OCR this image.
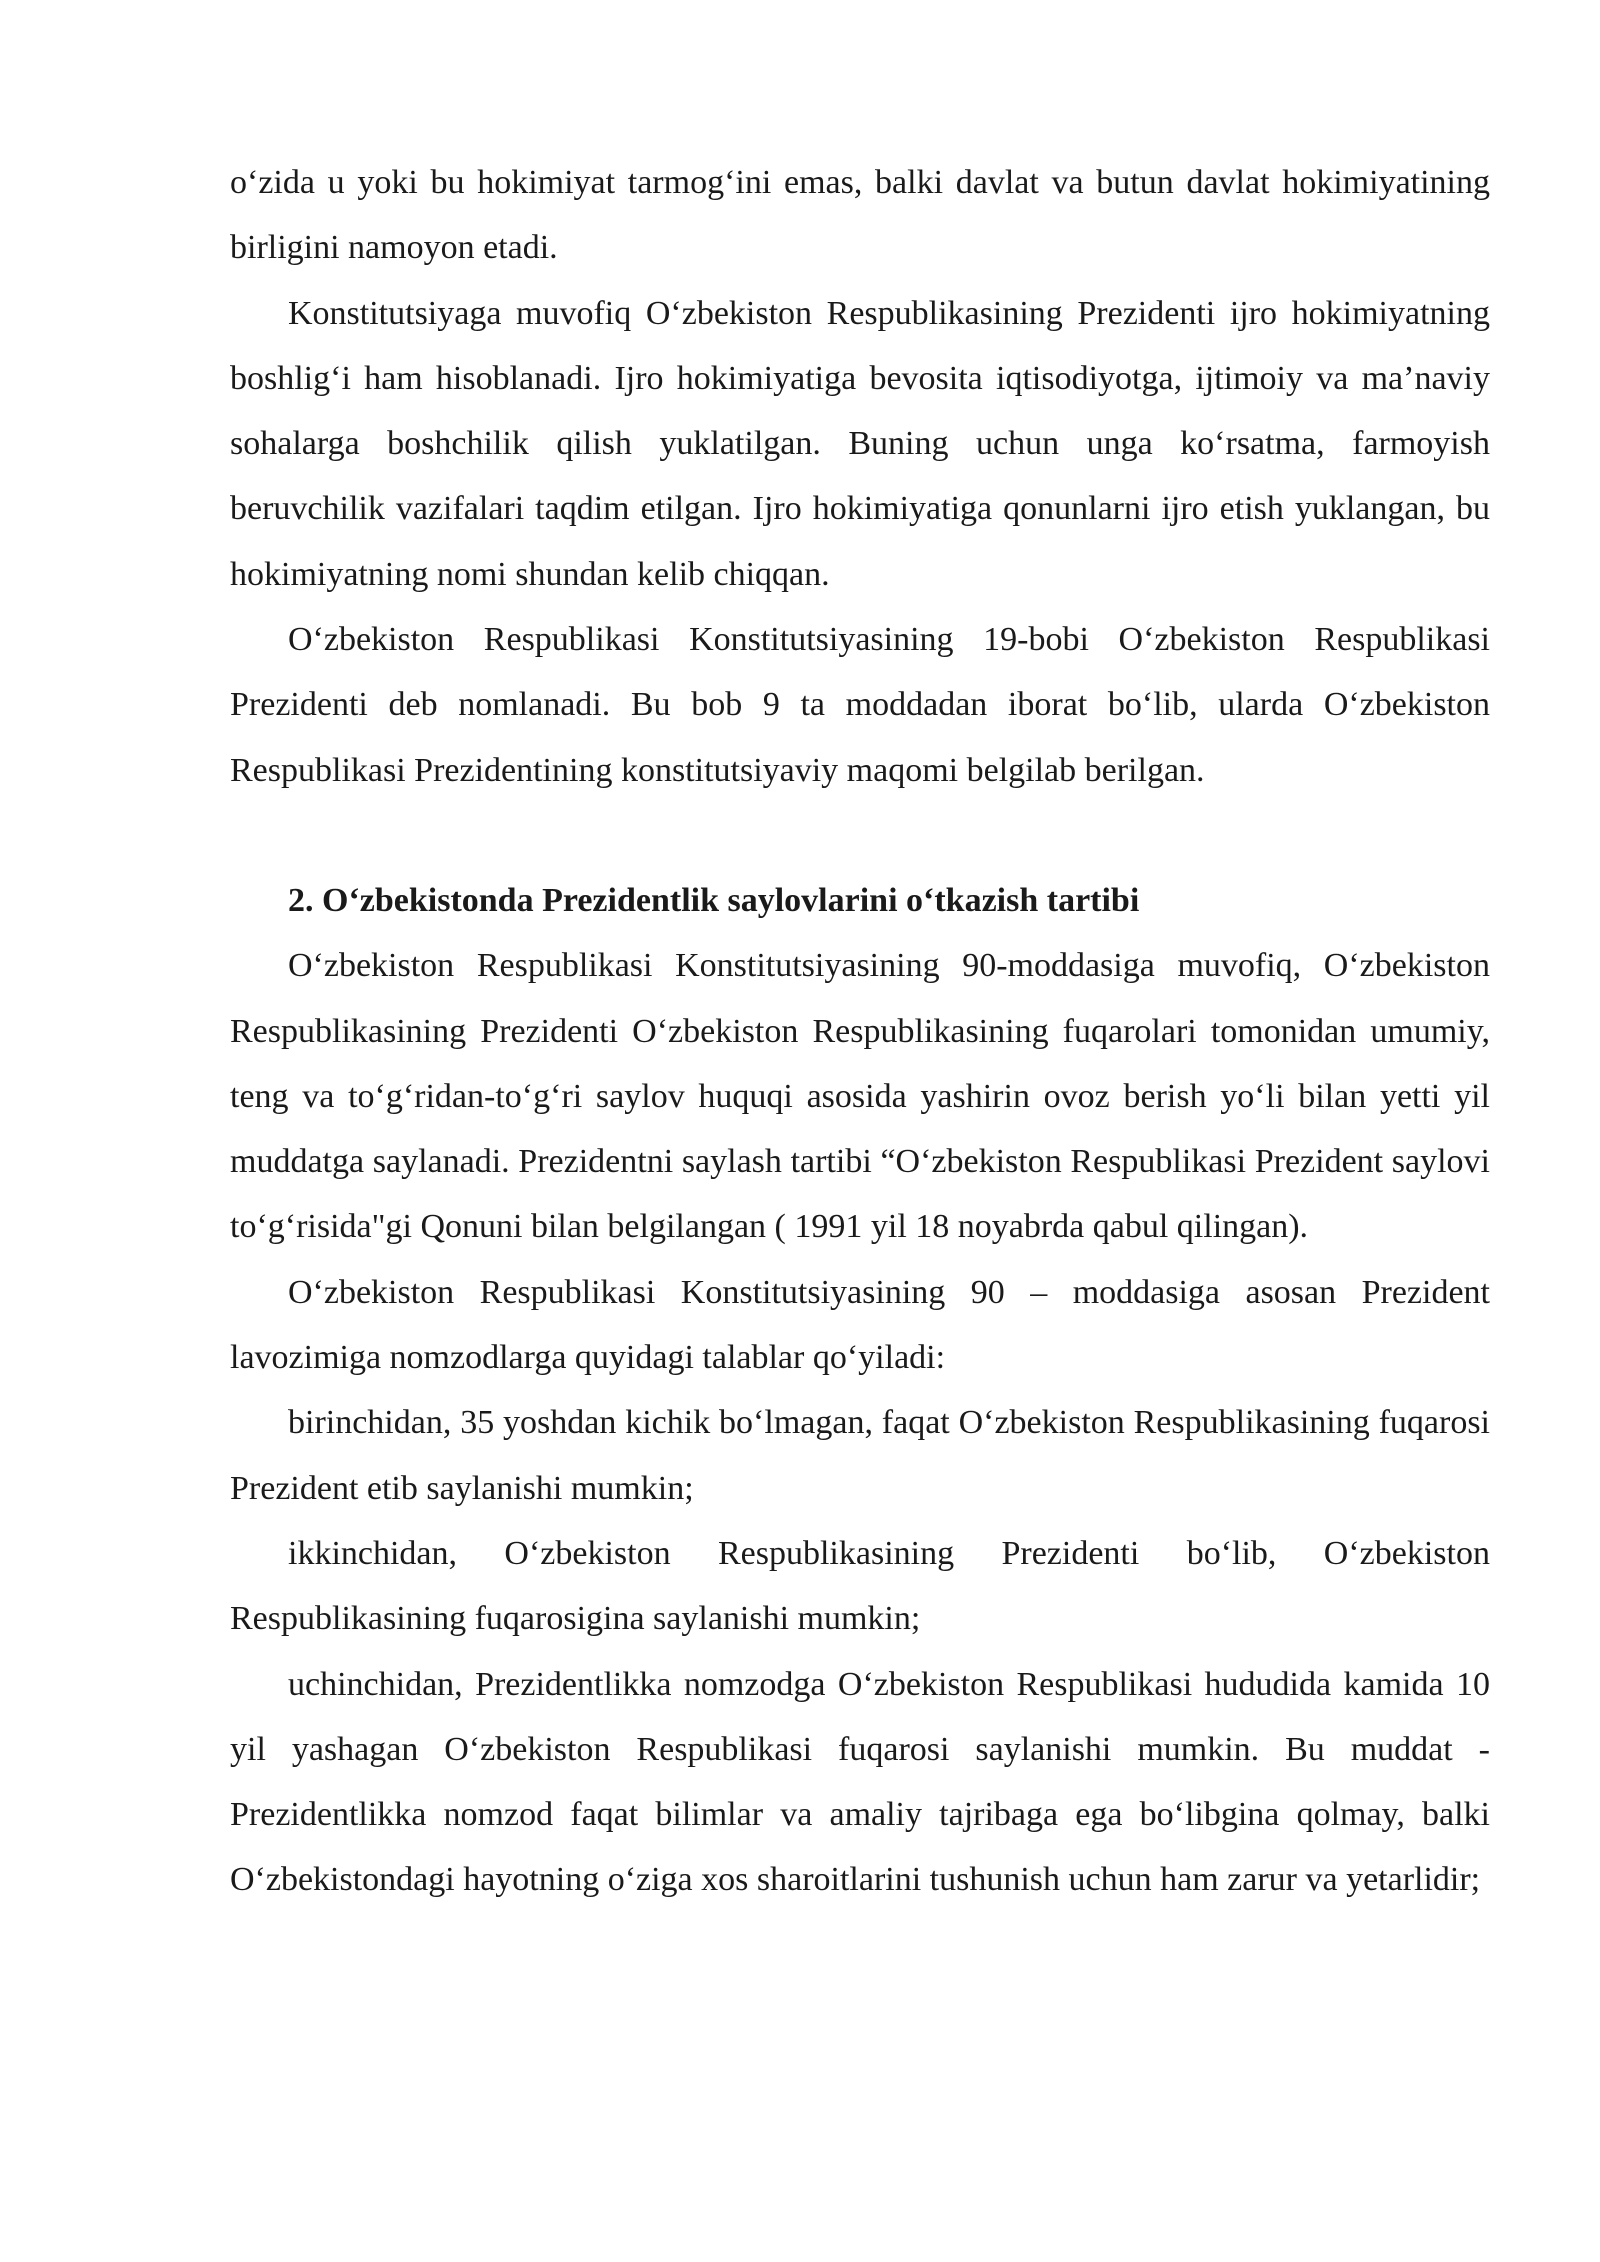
o‘zida u yoki bu hokimiyat tarmog‘ini emas, balki davlat va butun davlat hokimiyatining birligini namoyon etadi.

Konstitutsiyaga muvofiq O‘zbekiston Respublikasining Prezidenti ijro hokimiyatning boshlig‘i ham hisoblanadi. Ijro hokimiyatiga bevosita iqtisodiyotga, ijtimoiy va ma’naviy sohalarga boshchilik qilish yuklatilgan. Buning uchun unga ko‘rsatma, farmoyish beruvchilik vazifalari taqdim etilgan. Ijro hokimiyatiga qonunlarni ijro etish yuklangan, bu hokimiyatning nomi shundan kelib chiqqan.

O‘zbekiston Respublikasi Konstitutsiyasining 19-bobi O‘zbekiston Respublikasi Prezidenti deb nomlanadi. Bu bob 9 ta moddadan iborat bo‘lib, ularda O‘zbekiston Respublikasi Prezidentining konstitutsiyaviy maqomi belgilab berilgan.

2. O‘zbekistonda Prezidentlik saylovlarini o‘tkazish tartibi

O‘zbekiston Respublikasi Konstitutsiyasining 90-moddasiga muvofiq, O‘zbekiston Respublikasining Prezidenti O‘zbekiston Respublikasining fuqarolari tomonidan umumiy, teng va to‘g‘ridan-to‘g‘ri saylov huquqi asosida yashirin ovoz berish yo‘li bilan yetti yil muddatga saylanadi. Prezidentni saylash tartibi “O‘zbekiston Respublikasi Prezident saylovi to‘g‘risida"gi Qonuni bilan belgilangan ( 1991 yil 18 noyabrda qabul qilingan).

O‘zbekiston Respublikasi Konstitutsiyasining 90 – moddasiga asosan Prezident lavozimiga nomzodlarga quyidagi talablar qo‘yiladi:

birinchidan, 35 yoshdan kichik bo‘lmagan, faqat O‘zbekiston Respublikasining fuqarosi Prezident etib saylanishi mumkin;

ikkinchidan, O‘zbekiston Respublikasining Prezidenti bo‘lib, O‘zbekiston Respublikasining fuqarosigina saylanishi mumkin;

uchinchidan, Prezidentlikka nomzodga O‘zbekiston Respublikasi hududida kamida 10 yil yashagan O‘zbekiston Respublikasi fuqarosi saylanishi mumkin. Bu muddat - Prezidentlikka nomzod faqat bilimlar va amaliy tajribaga ega bo‘libgina qolmay, balki O‘zbekistondagi hayotning o‘ziga xos sharoitlarini tushunish uchun ham zarur va yetarlidir;
